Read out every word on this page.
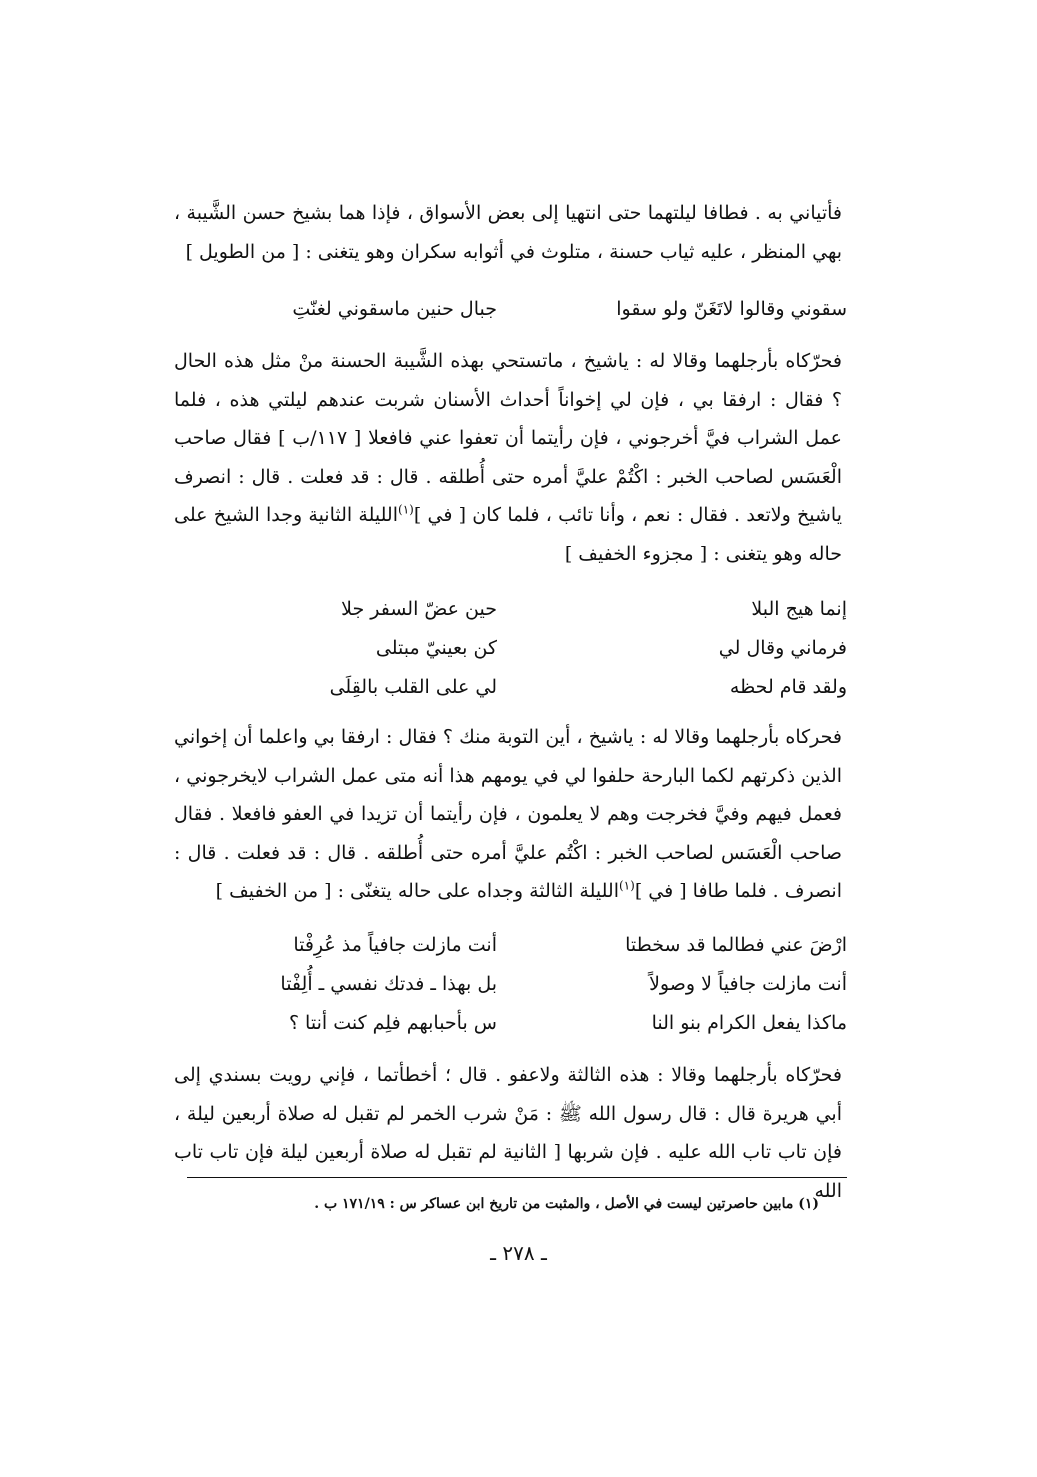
فأتياني به . فطافا ليلتهما حتى انتهيا إلى بعض الأسواق ، فإذا هما بشيخ حسن الشَّيبة ، بهي المنظر ، عليه ثياب حسنة ، متلوث في أثوابه سكران وهو يتغنى : [ من الطويل ]

سقوني وقالوا لاتَغَنّ ولو سقوا
جبال حنين ماسقوني لغنّتِ

فحرّكاه بأرجلهما وقالا له : ياشيخ ، ماتستحي بهذه الشَّيبة الحسنة منْ مثل هذه الحال ؟ فقال : ارفقا بي ، فإن لي إخواناً أحداث الأسنان شربت عندهم ليلتي هذه ، فلما عمل الشراب فيَّ أخرجوني ، فإن رأيتما أن تعفوا عني فافعلا [ ١١٧/ب ] فقال صاحب الْعَسَس لصاحب الخبر : اكْتُمْ عليَّ أمره حتى أُطلقه . قال : قد فعلت . قال : انصرف ياشيخ ولاتعد . فقال : نعم ، وأنا تائب ، فلما كان [ في ]$^{(١)}$الليلة الثانية وجدا الشيخ على حاله وهو يتغنى : [ مجزوء الخفيف ]

إنما هيج البلا
حين عضّ السفر جلا
فرماني وقال لي
كن بعينيّ مبتلى
ولقد قام لحظه
لي على القلب بالقِلَى

فحركاه بأرجلهما وقالا له : ياشيخ ، أين التوبة منك ؟ فقال : ارفقا بي واعلما أن إخواني الذين ذكرتهم لكما البارحة حلفوا لي في يومهم هذا أنه متى عمل الشراب لايخرجوني ، فعمل فيهم وفيَّ فخرجت وهم لا يعلمون ، فإن رأيتما أن تزيدا في العفو فافعلا . فقال صاحب الْعَسَس لصاحب الخبر : اكْتُم عليَّ أمره حتى أُطلقه . قال : قد فعلت . قال : انصرف . فلما طافا [ في ]$^{(١)}$الليلة الثالثة وجداه على حاله يتغنّى : [ من الخفيف ]

ارْضَ عني فطالما قد سخطتا
أنت مازلت جافياً مذ عُرِفْتا
أنت مازلت جافياً لا وصولاً
بل بهذا ـ فدتك نفسي ـ أُلِفْتا
ماكذا يفعل الكرام بنو النا
س بأحبابهم فلِم كنت أنتا ؟

فحرّكاه بأرجلهما وقالا : هذه الثالثة ولاعفو . قال ؛ أخطأتما ، فإني رويت بسندي إلى أبي هريرة قال : قال رسول الله ﷺ : مَنْ شرب الخمر لم تقبل له صلاة أربعين ليلة ، فإن تاب تاب الله عليه . فإن شربها [ الثانية لم تقبل له صلاة أربعين ليلة فإن تاب تاب الله

(١) مابين حاصرتين ليست في الأصل ، والمثبت من تاريخ ابن عساكر س : ١٧١/١٩ ب .
ـ ٢٧٨ ـ
